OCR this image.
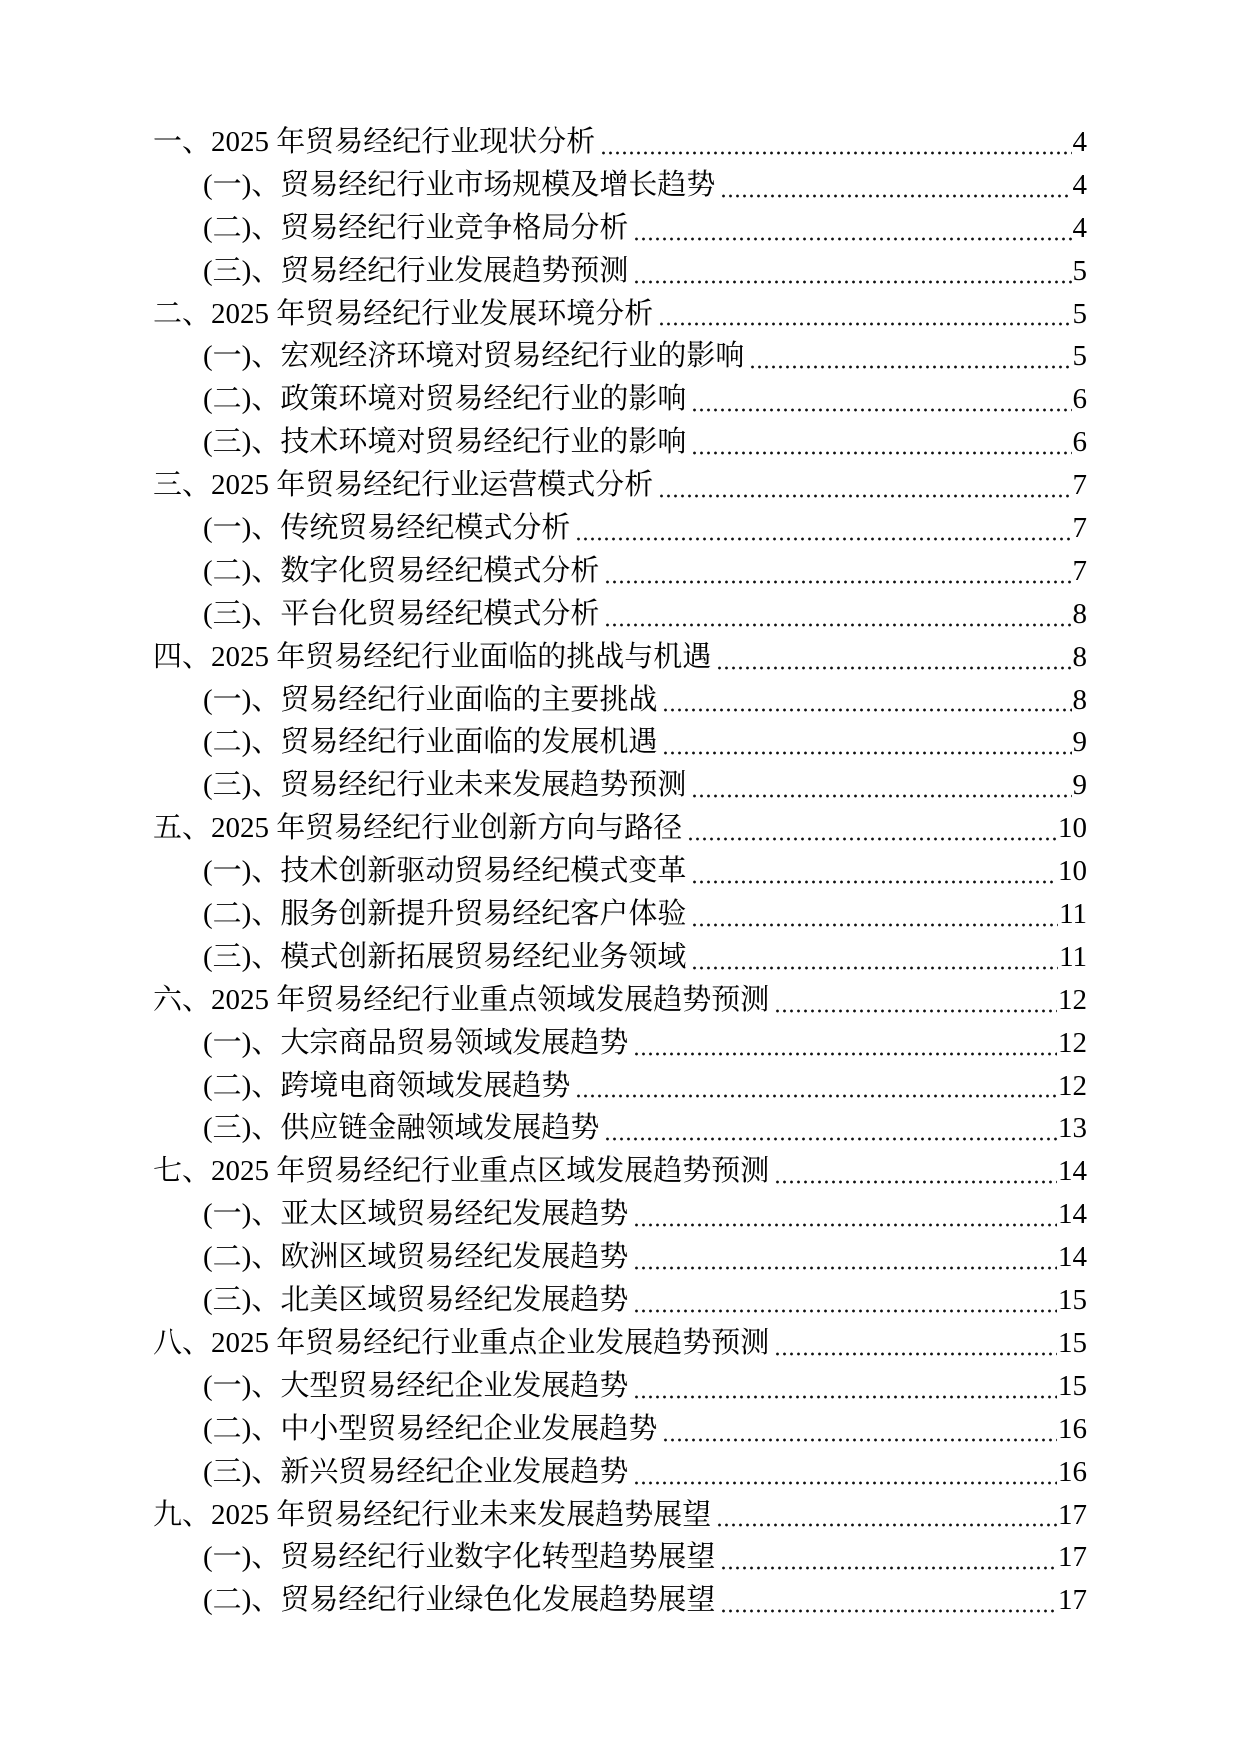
一、2025 年贸易经纪行业现状分析	4
(一)、贸易经纪行业市场规模及增长趋势	4
(二)、贸易经纪行业竞争格局分析	4
(三)、贸易经纪行业发展趋势预测	5
二、2025 年贸易经纪行业发展环境分析	5
(一)、宏观经济环境对贸易经纪行业的影响	5
(二)、政策环境对贸易经纪行业的影响	6
(三)、技术环境对贸易经纪行业的影响	6
三、2025 年贸易经纪行业运营模式分析	7
(一)、传统贸易经纪模式分析	7
(二)、数字化贸易经纪模式分析	7
(三)、平台化贸易经纪模式分析	8
四、2025 年贸易经纪行业面临的挑战与机遇	8
(一)、贸易经纪行业面临的主要挑战	8
(二)、贸易经纪行业面临的发展机遇	9
(三)、贸易经纪行业未来发展趋势预测	9
五、2025 年贸易经纪行业创新方向与路径	10
(一)、技术创新驱动贸易经纪模式变革	10
(二)、服务创新提升贸易经纪客户体验	11
(三)、模式创新拓展贸易经纪业务领域	11
六、2025 年贸易经纪行业重点领域发展趋势预测	12
(一)、大宗商品贸易领域发展趋势	12
(二)、跨境电商领域发展趋势	12
(三)、供应链金融领域发展趋势	13
七、2025 年贸易经纪行业重点区域发展趋势预测	14
(一)、亚太区域贸易经纪发展趋势	14
(二)、欧洲区域贸易经纪发展趋势	14
(三)、北美区域贸易经纪发展趋势	15
八、2025 年贸易经纪行业重点企业发展趋势预测	15
(一)、大型贸易经纪企业发展趋势	15
(二)、中小型贸易经纪企业发展趋势	16
(三)、新兴贸易经纪企业发展趋势	16
九、2025 年贸易经纪行业未来发展趋势展望	17
(一)、贸易经纪行业数字化转型趋势展望	17
(二)、贸易经纪行业绿色化发展趋势展望	17
